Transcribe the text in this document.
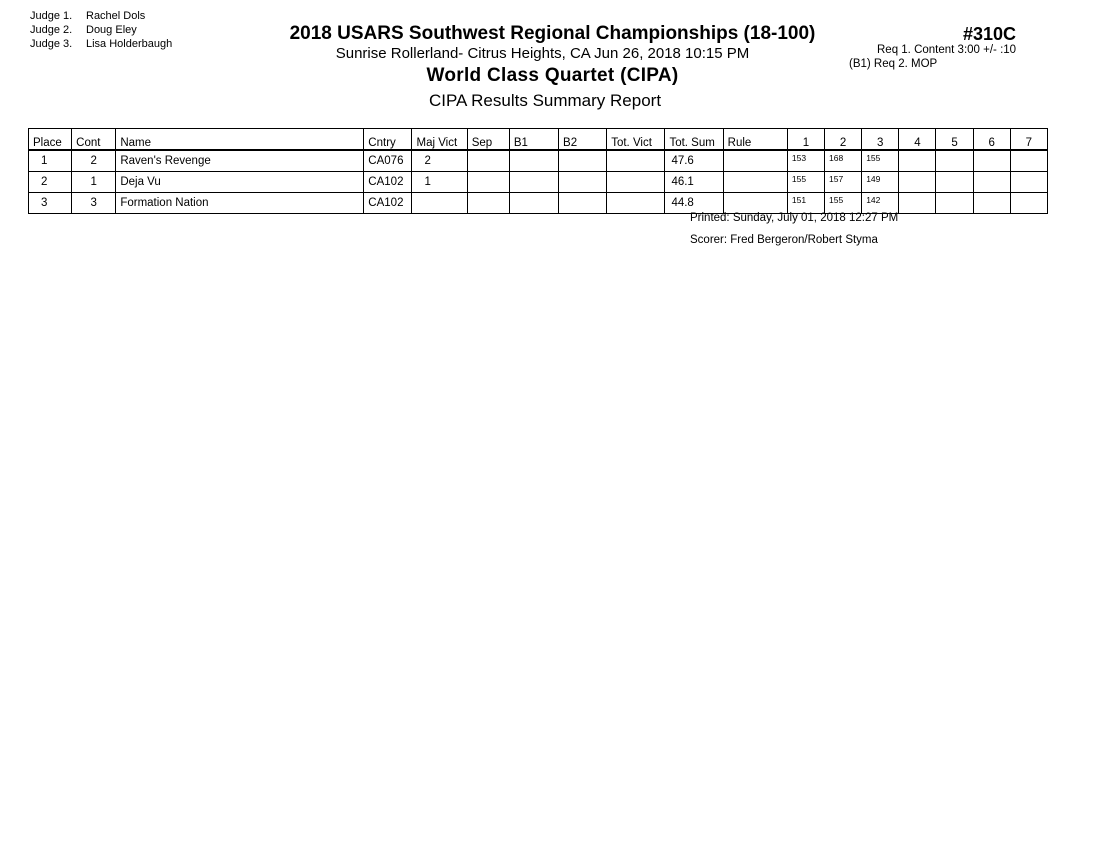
Judge 1. Rachel Dols
Judge 2. Doug Eley
Judge 3. Lisa Holderbaugh	2018 USARS Southwest Regional Championships (18-100)
Sunrise Rollerland- Citrus Heights, CA Jun 26, 2018 10:15 PM
World Class Quartet (CIPA)
CIPA Results Summary Report
#310C
Req 1. Content 3:00 +/- :10
(B1) Req 2. MOP
Place	Cont	Name	Cntry	Maj Vict	Sep	B1	B2	Tot. Vict	Tot. Sum	Rule	1	2	3	4	5	6	7
1	2	Raven's Revenge	CA076	2					47.6		153	168	155				
2	1	Deja Vu	CA102	1					46.1		155	157	149				
3	3	Formation Nation	CA102						44.8		151	155	142				
Printed: Sunday, July 01, 2018 12:27 PM
Scorer: Fred Bergeron/Robert Styma
